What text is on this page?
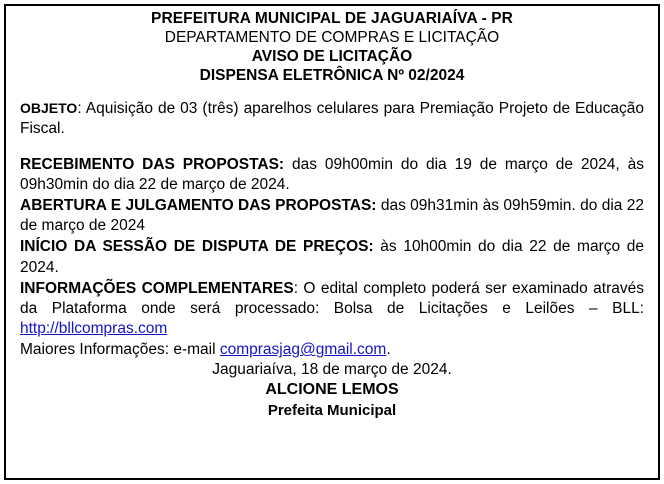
PREFEITURA MUNICIPAL DE JAGUARIAÍVA - PR
DEPARTAMENTO DE COMPRAS E LICITAÇÃO
AVISO DE LICITAÇÃO
DISPENSA ELETRÔNICA Nº 02/2024

OBJETO: Aquisição de 03 (três) aparelhos celulares para Premiação Projeto de Educação Fiscal.

RECEBIMENTO DAS PROPOSTAS: das 09h00min do dia 19 de março de 2024, às 09h30min do dia 22 de março de 2024.

ABERTURA E JULGAMENTO DAS PROPOSTAS: das 09h31min às 09h59min. do dia 22 de março de 2024

INÍCIO DA SESSÃO DE DISPUTA DE PREÇOS: às 10h00min do dia 22 de março de 2024.

INFORMAÇÕES COMPLEMENTARES: O edital completo poderá ser examinado através da Plataforma onde será processado: Bolsa de Licitações e Leilões – BLL: http://bllcompras.com

Maiores Informações: e-mail comprasjag@gmail.com.

Jaguariaíva, 18 de março de 2024.
ALCIONE LEMOS
Prefeita Municipal
